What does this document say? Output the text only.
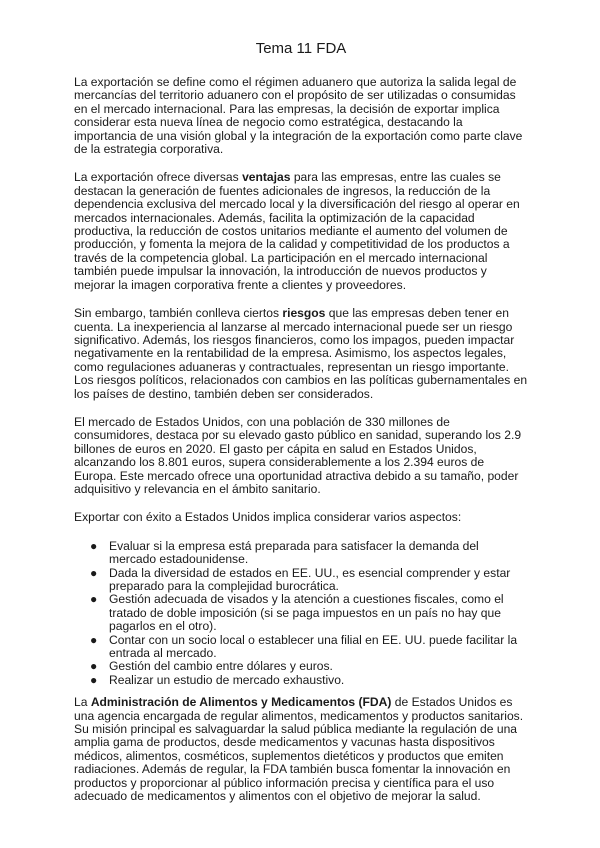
Tema 11 FDA

La exportación se define como el régimen aduanero que autoriza la salida legal de mercancías del territorio aduanero con el propósito de ser utilizadas o consumidas en el mercado internacional. Para las empresas, la decisión de exportar implica considerar esta nueva línea de negocio como estratégica, destacando la importancia de una visión global y la integración de la exportación como parte clave de la estrategia corporativa.

La exportación ofrece diversas ventajas para las empresas, entre las cuales se destacan la generación de fuentes adicionales de ingresos, la reducción de la dependencia exclusiva del mercado local y la diversificación del riesgo al operar en mercados internacionales. Además, facilita la optimización de la capacidad productiva, la reducción de costos unitarios mediante el aumento del volumen de producción, y fomenta la mejora de la calidad y competitividad de los productos a través de la competencia global. La participación en el mercado internacional también puede impulsar la innovación, la introducción de nuevos productos y mejorar la imagen corporativa frente a clientes y proveedores.

Sin embargo, también conlleva ciertos riesgos que las empresas deben tener en cuenta. La inexperiencia al lanzarse al mercado internacional puede ser un riesgo significativo. Además, los riesgos financieros, como los impagos, pueden impactar negativamente en la rentabilidad de la empresa. Asimismo, los aspectos legales, como regulaciones aduaneras y contractuales, representan un riesgo importante. Los riesgos políticos, relacionados con cambios en las políticas gubernamentales en los países de destino, también deben ser considerados.

El mercado de Estados Unidos, con una población de 330 millones de consumidores, destaca por su elevado gasto público en sanidad, superando los 2.9 billones de euros en 2020. El gasto per cápita en salud en Estados Unidos, alcanzando los 8.801 euros, supera considerablemente a los 2.394 euros de Europa. Este mercado ofrece una oportunidad atractiva debido a su tamaño, poder adquisitivo y relevancia en el ámbito sanitario.

Exportar con éxito a Estados Unidos implica considerar varios aspectos:

● Evaluar si la empresa está preparada para satisfacer la demanda del mercado estadounidense.
● Dada la diversidad de estados en EE. UU., es esencial comprender y estar preparado para la complejidad burocrática.
● Gestión adecuada de visados y la atención a cuestiones fiscales, como el tratado de doble imposición (si se paga impuestos en un país no hay que pagarlos en el otro).
● Contar con un socio local o establecer una filial en EE. UU. puede facilitar la entrada al mercado.
● Gestión del cambio entre dólares y euros.
● Realizar un estudio de mercado exhaustivo.

La Administración de Alimentos y Medicamentos (FDA) de Estados Unidos es una agencia encargada de regular alimentos, medicamentos y productos sanitarios. Su misión principal es salvaguardar la salud pública mediante la regulación de una amplia gama de productos, desde medicamentos y vacunas hasta dispositivos médicos, alimentos, cosméticos, suplementos dietéticos y productos que emiten radiaciones. Además de regular, la FDA también busca fomentar la innovación en productos y proporcionar al público información precisa y científica para el uso adecuado de medicamentos y alimentos con el objetivo de mejorar la salud.
